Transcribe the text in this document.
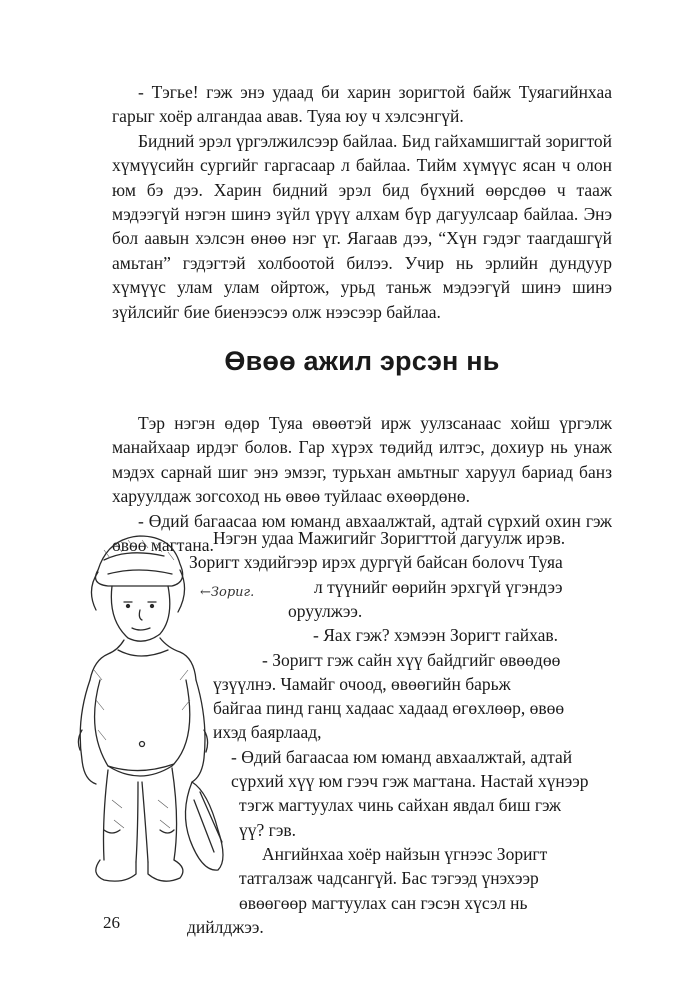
- Тэгье! гэж энэ удаад би харин зоригтой байж Туяагийнхаа гарыг хоёр алгандаа авав. Туяа юу ч хэлсэнгүй.

Бидний эрэл үргэлжилсээр байлаа. Бид гайхамшигтай зоригтой хүмүүсийн сургийг гаргасаар л байлаа. Тийм хүмүүс ясан ч олон юм бэ дээ. Харин бидний эрэл бид бүхний өөрсдөө ч тааж мэдээгүй нэгэн шинэ зүйл үрүү алхам бүр дагуулсаар байлаа. Энэ бол аавын хэлсэн өнөө нэг үг. Яагаав дээ, “Хүн гэдэг таагдашгүй амьтан” гэдэгтэй холбоотой билээ. Учир нь эрлийн дундуур хүмүүс улам улам ойртож, урьд таньж мэдээгүй шинэ шинэ зүйлсийг бие биенээсээ олж нээсээр байлаа.

Өвөө ажил эрсэн нь

Тэр нэгэн өдөр Туяа өвөөтэй ирж уулзсанаас хойш үргэлж манайхаар ирдэг болов. Гар хүрэх төдийд илтэс, дохиур нь унаж мэдэх сарнай шиг энэ эмзэг, турьхан амьтныг харуул бариад банз харуулдаж зогсоход нь өвөө туйлаас өхөөрдөнө.

- Өдий багаасаа юм юманд авхаалжтай, адтай сүрхий охин гэж өвөө магтана.

←Зориг.

Нэгэн удаа Мажигийг Зоригттой дагуулж ирэв.

Зоригт хэдийгээр ирэх дургүй байсан болovч Туяа

л түүнийг өөрийн эрхгүй үгэндээ

оруулжээ.

- Яах гэж? хэмээн Зоригт гайхав.

- Зоригт гэж сайн хүү байдгийг өвөөдөө

үзүүлнэ. Чамайг очоод, өвөөгийн барьж

байгаа пинд ганц хадаас хадаад өгөхлөөр, өвөө

ихэд баярлаад,

- Өдий багаасаа юм юманд авхаалжтай, адтай

сүрхий хүү юм гээч гэж магтана. Настай хүнээр

тэгж магтуулах чинь сайхан явдал биш гэж

үү? гэв.

Ангийнхаа хоёр найзын үгнээс Зоригт

татгалзаж чадсангүй. Бас тэгээд үнэхээр

өвөөгөөр магтуулах сан гэсэн хүсэл нь

дийлджээ.

26
